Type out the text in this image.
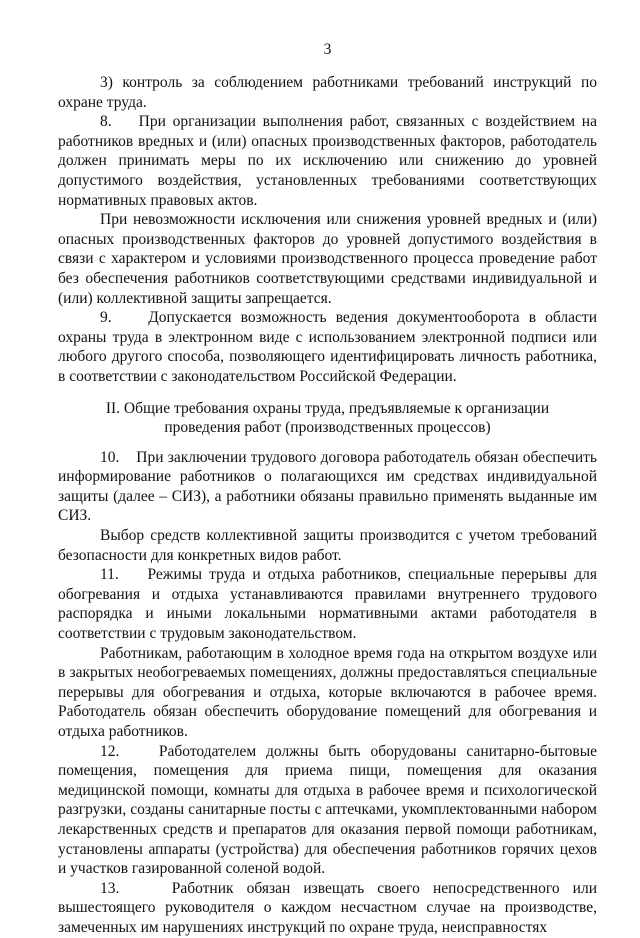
3

3) контроль за соблюдением работниками требований инструкций по охране труда.

8.    При организации выполнения работ, связанных с воздействием на работников вредных и (или) опасных производственных факторов, работодатель должен принимать меры по их исключению или снижению до уровней допустимого воздействия, установленных требованиями соответствующих нормативных правовых актов.

При невозможности исключения или снижения уровней вредных и (или) опасных производственных факторов до уровней допустимого воздействия в связи с характером и условиями производственного процесса проведение работ без обеспечения работников соответствующими средствами индивидуальной и (или) коллективной защиты запрещается.

9.    Допускается возможность ведения документооборота в области охраны труда в электронном виде с использованием электронной подписи или любого другого способа, позволяющего идентифицировать личность работника, в соответствии с законодательством Российской Федерации.

II. Общие требования охраны труда, предъявляемые к организации проведения работ (производственных процессов)

10.    При заключении трудового договора работодатель обязан обеспечить информирование работников о полагающихся им средствах индивидуальной защиты (далее – СИЗ), а работники обязаны правильно применять выданные им СИЗ.

Выбор средств коллективной защиты производится с учетом требований безопасности для конкретных видов работ.

11.    Режимы труда и отдыха работников, специальные перерывы для обогревания и отдыха устанавливаются правилами внутреннего трудового распорядка и иными локальными нормативными актами работодателя в соответствии с трудовым законодательством.

Работникам, работающим в холодное время года на открытом воздухе или в закрытых необогреваемых помещениях, должны предоставляться специальные перерывы для обогревания и отдыха, которые включаются в рабочее время. Работодатель обязан обеспечить оборудование помещений для обогревания и отдыха работников.

12.    Работодателем должны быть оборудованы санитарно-бытовые помещения, помещения для приема пищи, помещения для оказания медицинской помощи, комнаты для отдыха в рабочее время и психологической разгрузки, созданы санитарные посты с аптечками, укомплектованными набором лекарственных средств и препаратов для оказания первой помощи работникам, установлены аппараты (устройства) для обеспечения работников горячих цехов и участков газированной соленой водой.

13.    Работник обязан извещать своего непосредственного или вышестоящего руководителя о каждом несчастном случае на производстве, замеченных им нарушениях инструкций по охране труда, неисправностях
